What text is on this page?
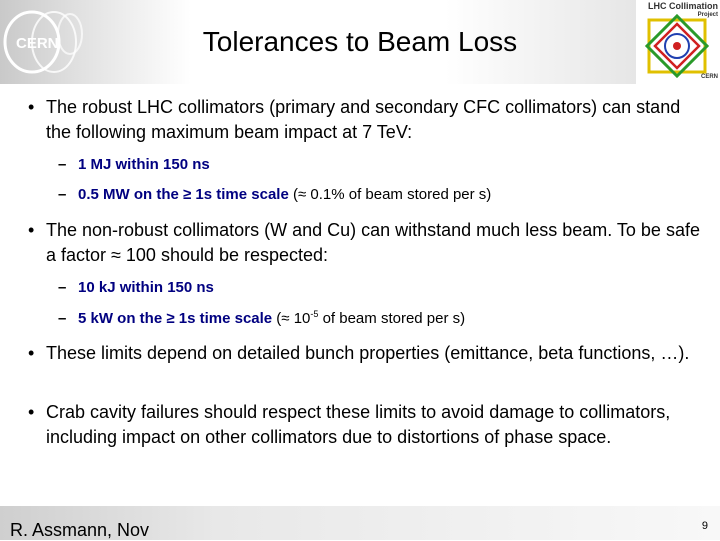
CERN	Tolerances to Beam Loss
LHC Collimation
Project
CERN
• The robust LHC collimators (primary and secondary CFC collimators) can stand the following maximum beam impact at 7 TeV:
– 1 MJ within 150 ns
– 0.5 MW on the ≥ 1s time scale (≈ 0.1% of beam stored per s)
• The non-robust collimators (W and Cu) can withstand much less beam. To be safe a factor ≈ 100 should be respected:
– 10 kJ within 150 ns
– 5 kW on the ≥ 1s time scale (≈ $10^{-5}$ of beam stored per s)
• These limits depend on detailed bunch properties (emittance, beta functions, …).
• Crab cavity failures should respect these limits to avoid damage to collimators, including impact on other collimators due to distortions of phase space.
R. Assmann, Nov	9
